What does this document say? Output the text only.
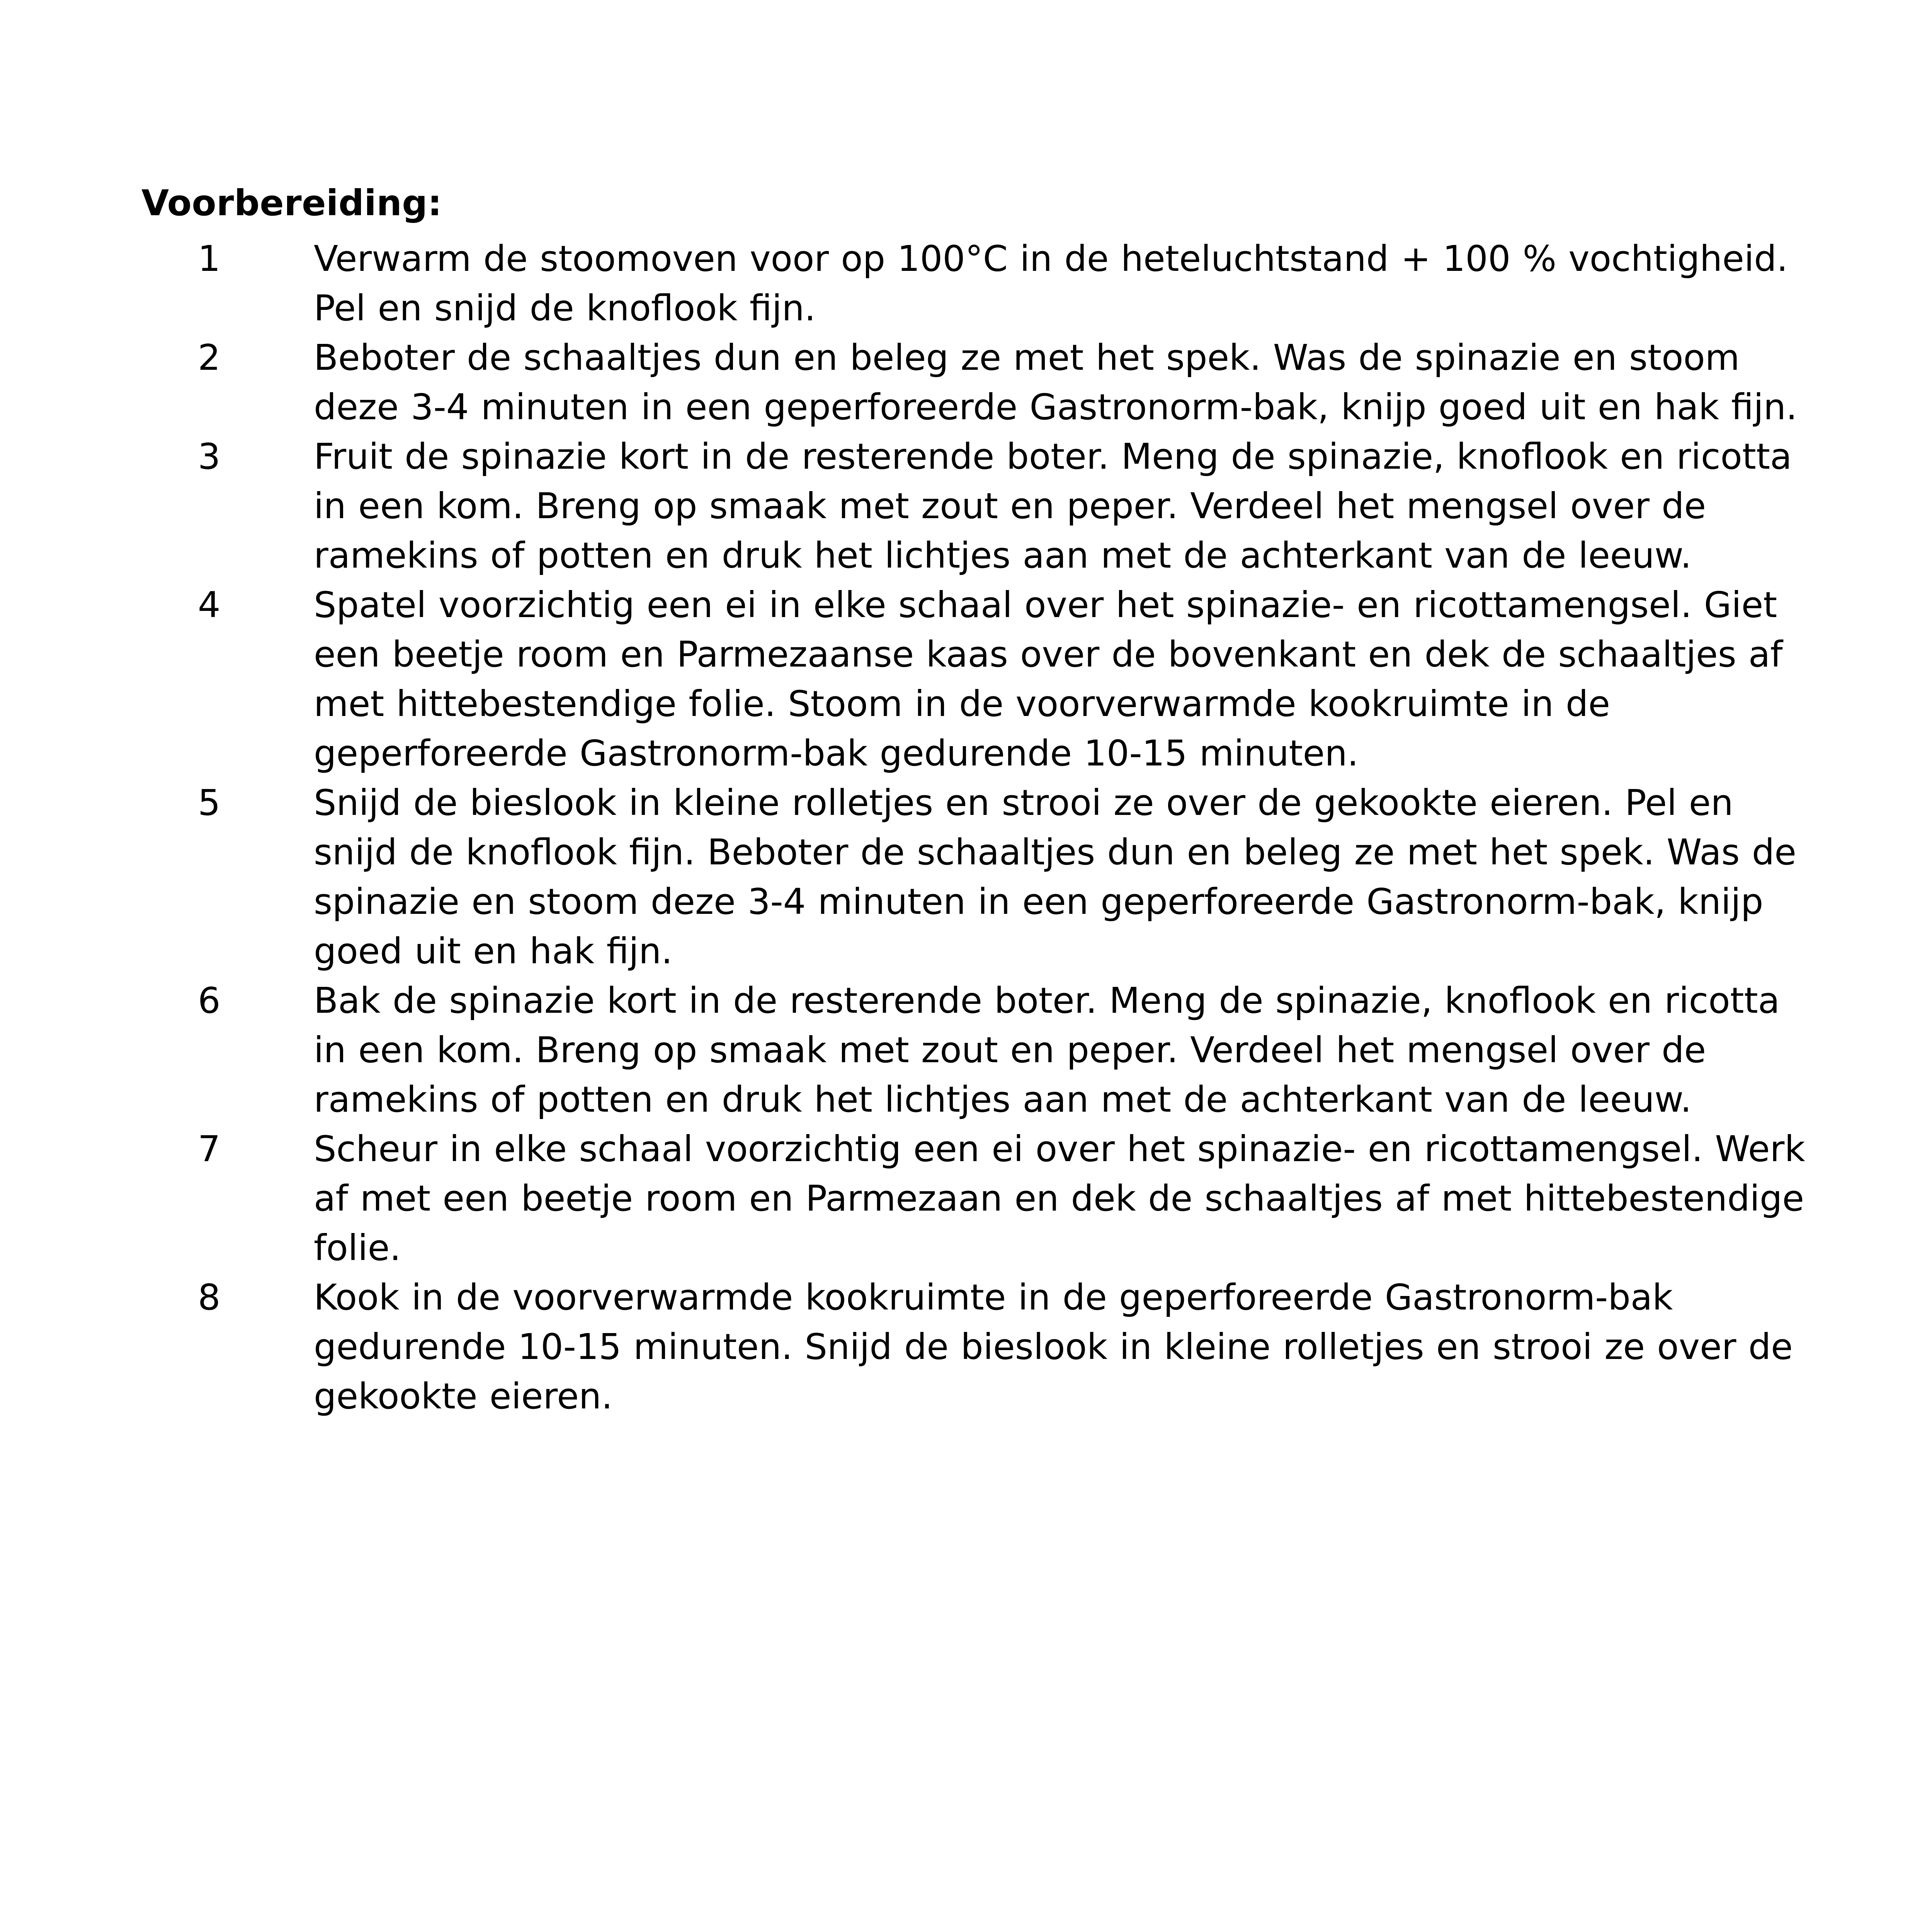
Voorbereiding:
1	Verwarm de stoomoven voor op 100°C in de heteluchtstand + 100 % vochtigheid. Pel en snijd de knoflook fijn.
2	Beboter de schaaltjes dun en beleg ze met het spek. Was de spinazie en stoom deze 3-4 minuten in een geperforeerde Gastronorm-bak, knijp goed uit en hak fijn.
3	Fruit de spinazie kort in de resterende boter. Meng de spinazie, knoflook en ricotta in een kom. Breng op smaak met zout en peper. Verdeel het mengsel over de ramekins of potten en druk het lichtjes aan met de achterkant van de leeuw.
4	Spatel voorzichtig een ei in elke schaal over het spinazie- en ricottamengsel. Giet een beetje room en Parmezaanse kaas over de bovenkant en dek de schaaltjes af met hittebestendige folie. Stoom in de voorverwarmde kookruimte in de geperforeerde Gastronorm-bak gedurende 10-15 minuten.
5	Snijd de bieslook in kleine rolletjes en strooi ze over de gekookte eieren. Pel en snijd de knoflook fijn. Beboter de schaaltjes dun en beleg ze met het spek. Was de spinazie en stoom deze 3-4 minuten in een geperforeerde Gastronorm-bak, knijp goed uit en hak fijn.
6	Bak de spinazie kort in de resterende boter. Meng de spinazie, knoflook en ricotta in een kom. Breng op smaak met zout en peper. Verdeel het mengsel over de ramekins of potten en druk het lichtjes aan met de achterkant van de leeuw.
7	Scheur in elke schaal voorzichtig een ei over het spinazie- en ricottamengsel. Werk af met een beetje room en Parmezaan en dek de schaaltjes af met hittebestendige folie.
8	Kook in de voorverwarmde kookruimte in de geperforeerde Gastronorm-bak gedurende 10-15 minuten. Snijd de bieslook in kleine rolletjes en strooi ze over de gekookte eieren.
